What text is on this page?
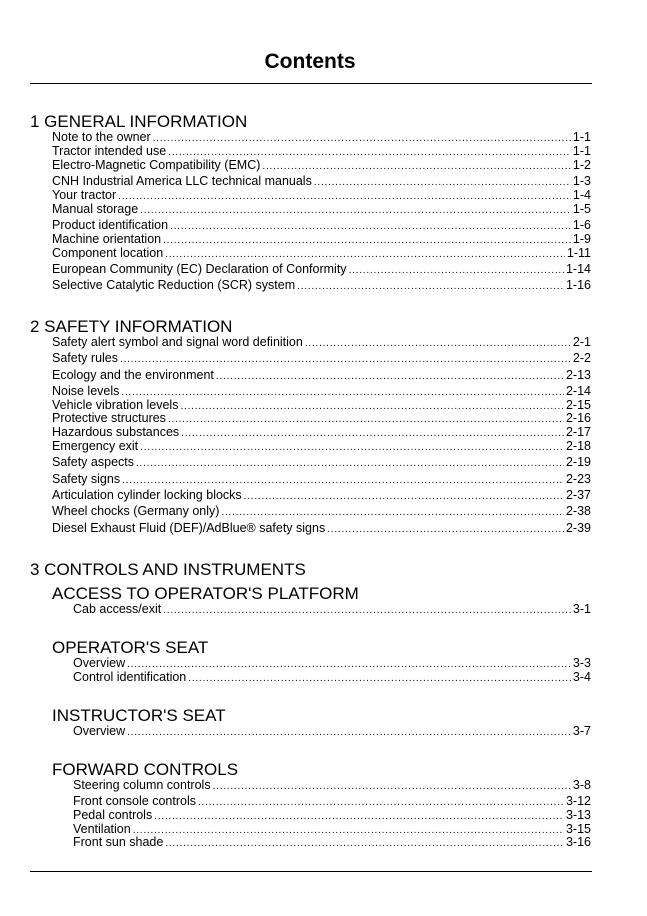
Contents
1 GENERAL INFORMATION
Note to the owner . . .	1-1
Tractor intended use . . .	1-1
Electro-Magnetic Compatibility (EMC) . . .	1-2
CNH Industrial America LLC technical manuals . . .	1-3
Your tractor . . .	1-4
Manual storage . . .	1-5
Product identification . . .	1-6
Machine orientation . . .	1-9
Component location . . .	1-11
European Community (EC) Declaration of Conformity . . .	1-14
Selective Catalytic Reduction (SCR) system . . .	1-16
2 SAFETY INFORMATION
Safety alert symbol and signal word definition . . .	2-1
Safety rules . . .	2-2
Ecology and the environment . . .	2-13
Noise levels . . .	2-14
Vehicle vibration levels . . .	2-15
Protective structures . . .	2-16
Hazardous substances . . .	2-17
Emergency exit . . .	2-18
Safety aspects . . .	2-19
Safety signs . . .	2-23
Articulation cylinder locking blocks . . .	2-37
Wheel chocks (Germany only) . . .	2-38
Diesel Exhaust Fluid (DEF)/AdBlue® safety signs . . .	2-39
3 CONTROLS AND INSTRUMENTS
ACCESS TO OPERATOR'S PLATFORM
Cab access/exit . . .	3-1
OPERATOR'S SEAT
Overview . . .	3-3
Control identification . . .	3-4
INSTRUCTOR'S SEAT
Overview . . .	3-7
FORWARD CONTROLS
Steering column controls . . .	3-8
Front console controls . . .	3-12
Pedal controls . . .	3-13
Ventilation . . .	3-15
Front sun shade . . .	3-16
